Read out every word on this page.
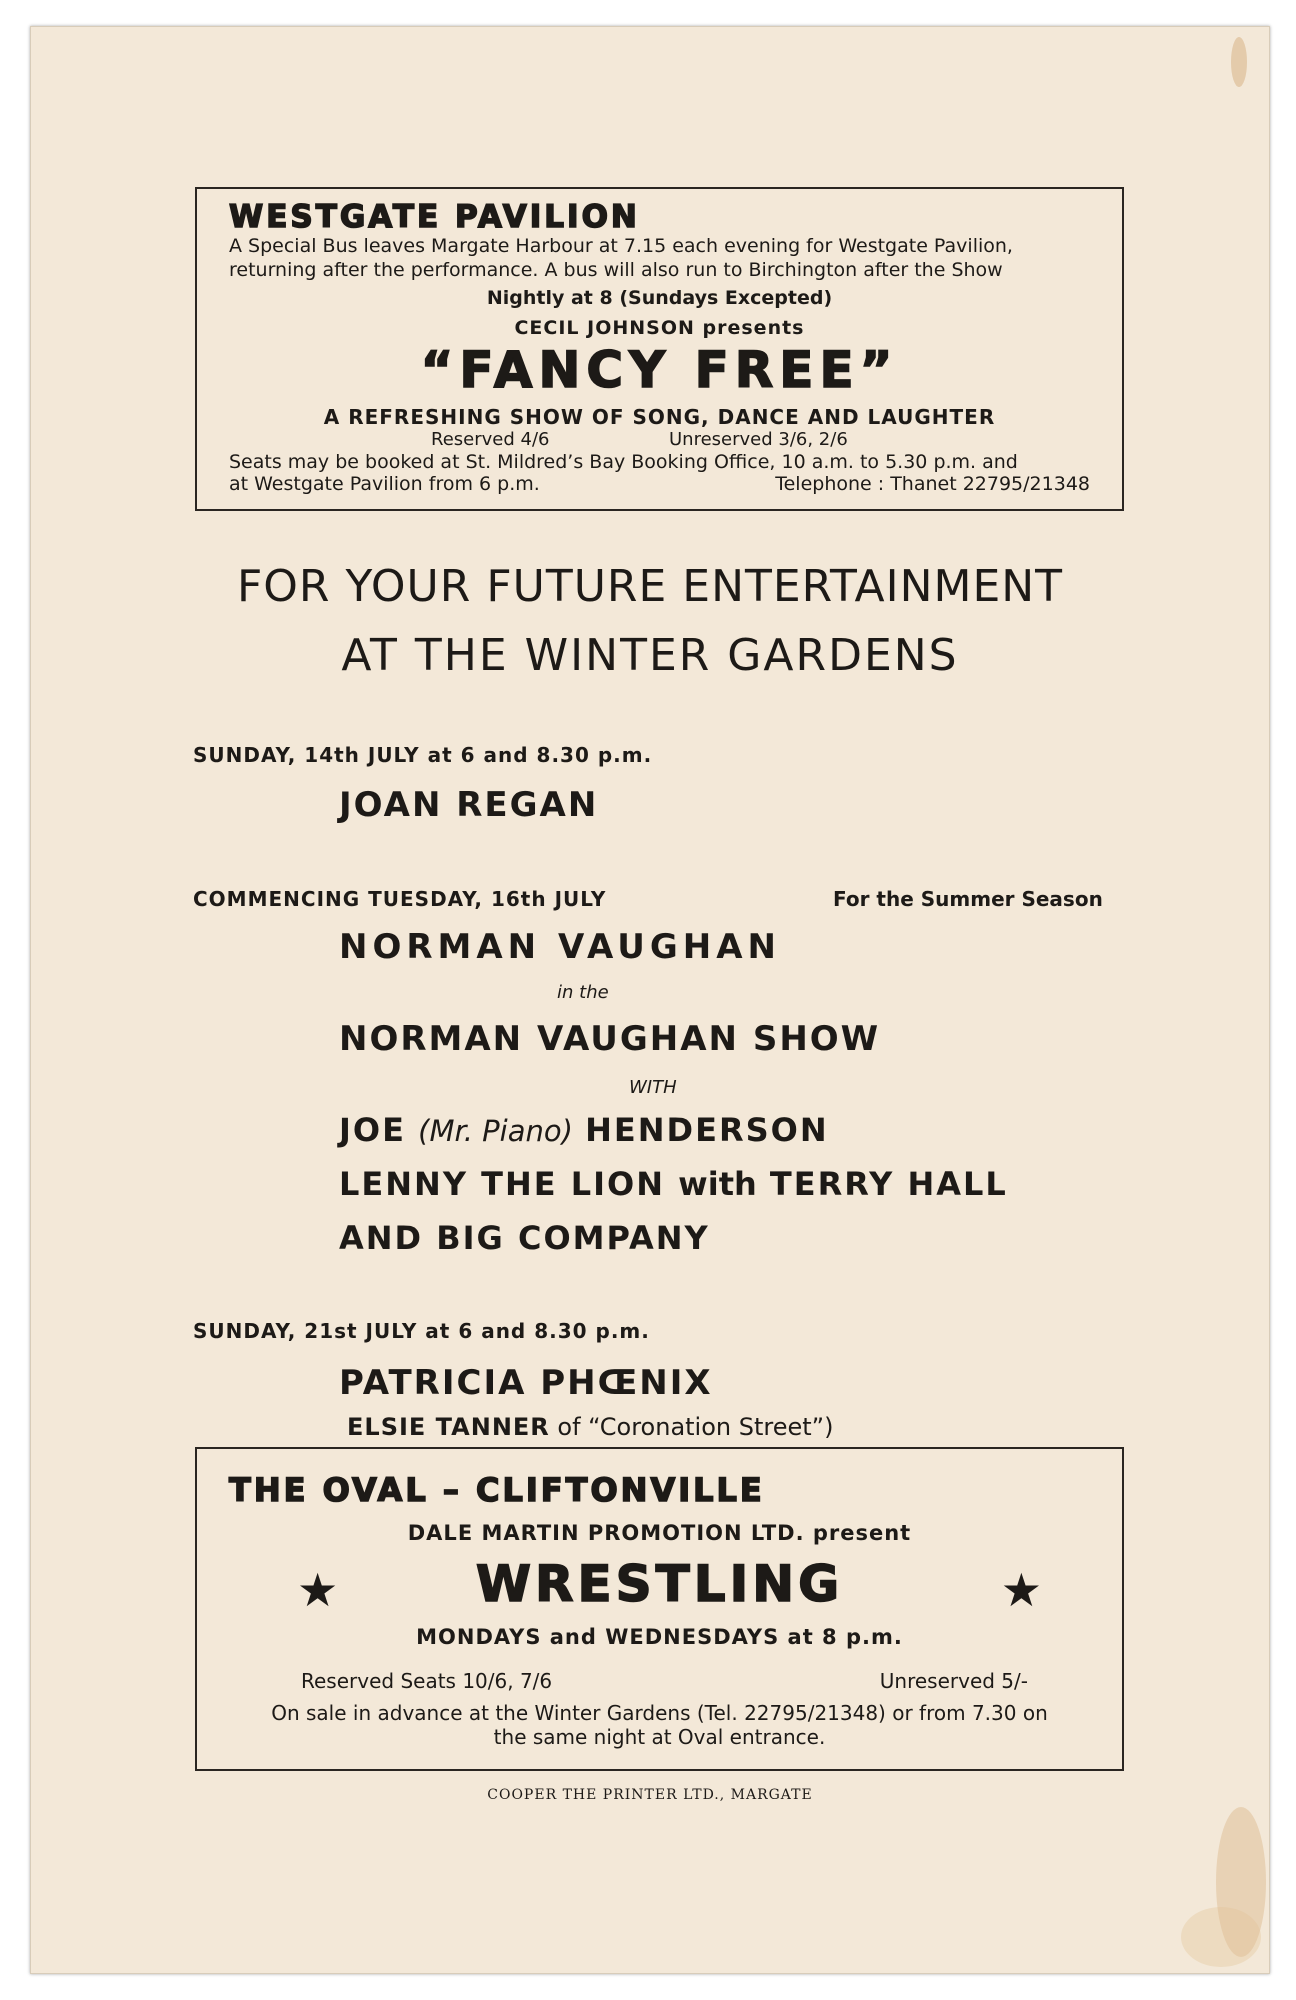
WESTGATE PAVILION
A Special Bus leaves Margate Harbour at 7.15 each evening for Westgate Pavilion,
returning after the performance. A bus will also run to Birchington after the Show
Nightly at 8 (Sundays Excepted)
CECIL JOHNSON presents
“FANCY FREE”
A REFRESHING SHOW OF SONG, DANCE AND LAUGHTER
Reserved 4/6	Unreserved 3/6, 2/6
Seats may be booked at St. Mildred’s Bay Booking Office, 10 a.m. to 5.30 p.m. and
at Westgate Pavilion from 6 p.m.	Telephone : Thanet 22795/21348
FOR YOUR FUTURE ENTERTAINMENT
AT THE WINTER GARDENS
SUNDAY, 14th JULY at 6 and 8.30 p.m.
JOAN REGAN
COMMENCING TUESDAY, 16th JULY	For the Summer Season
NORMAN VAUGHAN
in the
NORMAN VAUGHAN SHOW
WITH
JOE (Mr. Piano) HENDERSON
LENNY THE LION with TERRY HALL
AND BIG COMPANY
SUNDAY, 21st JULY at 6 and 8.30 p.m.
PATRICIA PHŒNIX
ELSIE TANNER of “Coronation Street”)
THE OVAL – CLIFTONVILLE
DALE MARTIN PROMOTION LTD. present
★	WRESTLING	★
MONDAYS and WEDNESDAYS at 8 p.m.
Reserved Seats 10/6, 7/6	Unreserved 5/-
On sale in advance at the Winter Gardens (Tel. 22795/21348) or from 7.30 on
the same night at Oval entrance.
COOPER THE PRINTER LTD., MARGATE
